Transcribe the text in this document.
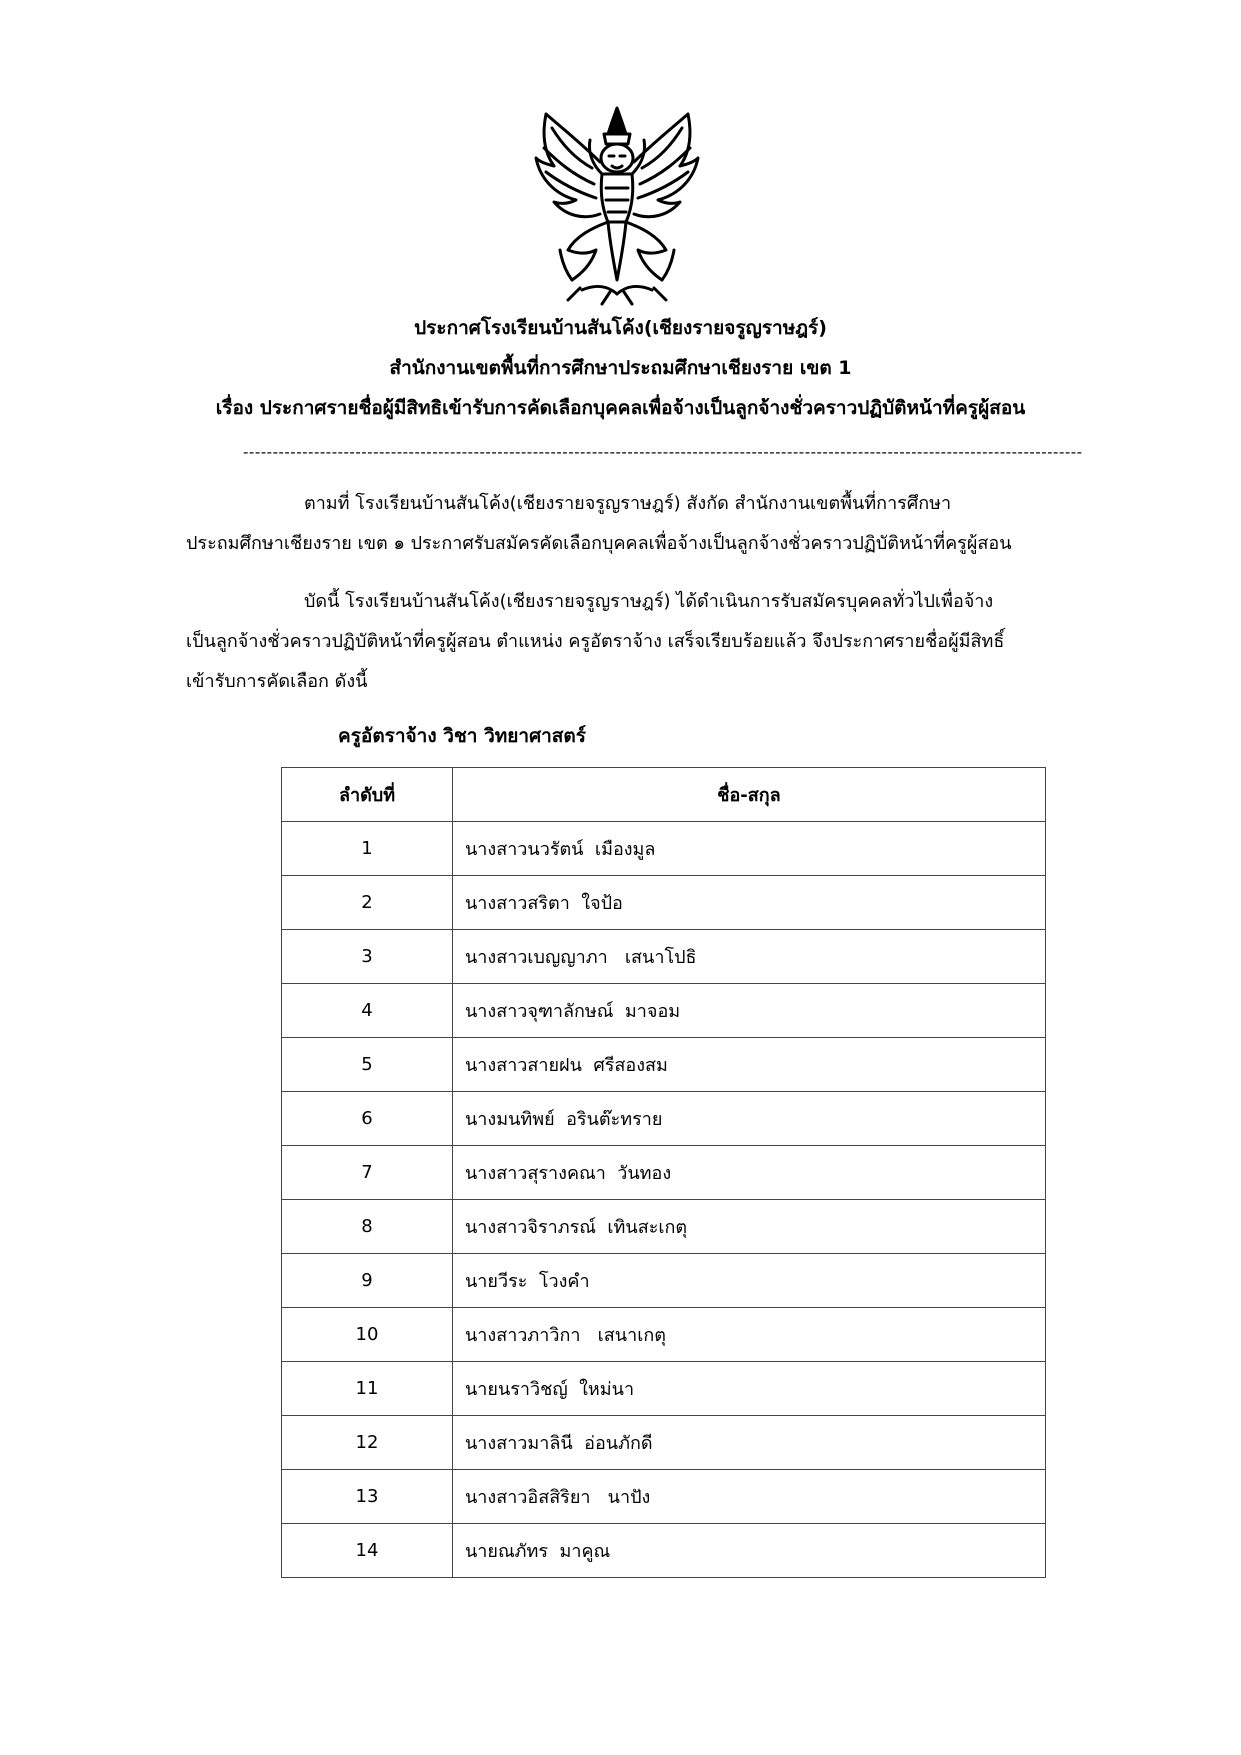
ประกาศโรงเรียนบ้านสันโค้ง(เชียงรายจรูญราษฎร์)
สำนักงานเขตพื้นที่การศึกษาประถมศึกษาเชียงราย เขต 1
เรื่อง ประกาศรายชื่อผู้มีสิทธิเข้ารับการคัดเลือกบุคคลเพื่อจ้างเป็นลูกจ้างชั่วคราวปฏิบัติหน้าที่ครูผู้สอน
----------------------------------------------------------------------------------------------------------------------------------------------

ตามที่ โรงเรียนบ้านสันโค้ง(เชียงรายจรูญราษฎร์) สังกัด สำนักงานเขตพื้นที่การศึกษา

ประถมศึกษาเชียงราย เขต ๑ ประกาศรับสมัครคัดเลือกบุคคลเพื่อจ้างเป็นลูกจ้างชั่วคราวปฏิบัติหน้าที่ครูผู้สอน

บัดนี้ โรงเรียนบ้านสันโค้ง(เชียงรายจรูญราษฎร์) ได้ดำเนินการรับสมัครบุคคลทั่วไปเพื่อจ้าง

เป็นลูกจ้างชั่วคราวปฏิบัติหน้าที่ครูผู้สอน ตำแหน่ง ครูอัตราจ้าง เสร็จเรียบร้อยแล้ว จึงประกาศรายชื่อผู้มีสิทธิ์

เข้ารับการคัดเลือก ดังนี้

ครูอัตราจ้าง วิชา วิทยาศาสตร์
ลำดับที่	ชื่อ-สกุล
1	นางสาวนวรัตน์  เมืองมูล
2	นางสาวสริตา  ใจป้อ
3	นางสาวเบญญาภา   เสนาโปธิ
4	นางสาวจุฑาลักษณ์  มาจอม
5	นางสาวสายฝน  ศรีสองสม
6	นางมนทิพย์  อรินต๊ะทราย
7	นางสาวสุรางคณา  วันทอง
8	นางสาวจิราภรณ์  เทินสะเกตุ
9	นายวีระ  โวงคำ
10	นางสาวภาวิกา   เสนาเกตุ
11	นายนราวิชญ์  ใหม่นา
12	นางสาวมาลินี  อ่อนภักดี
13	นางสาวอิสสิริยา   นาปัง
14	นายณภัทร  มาคูณ
